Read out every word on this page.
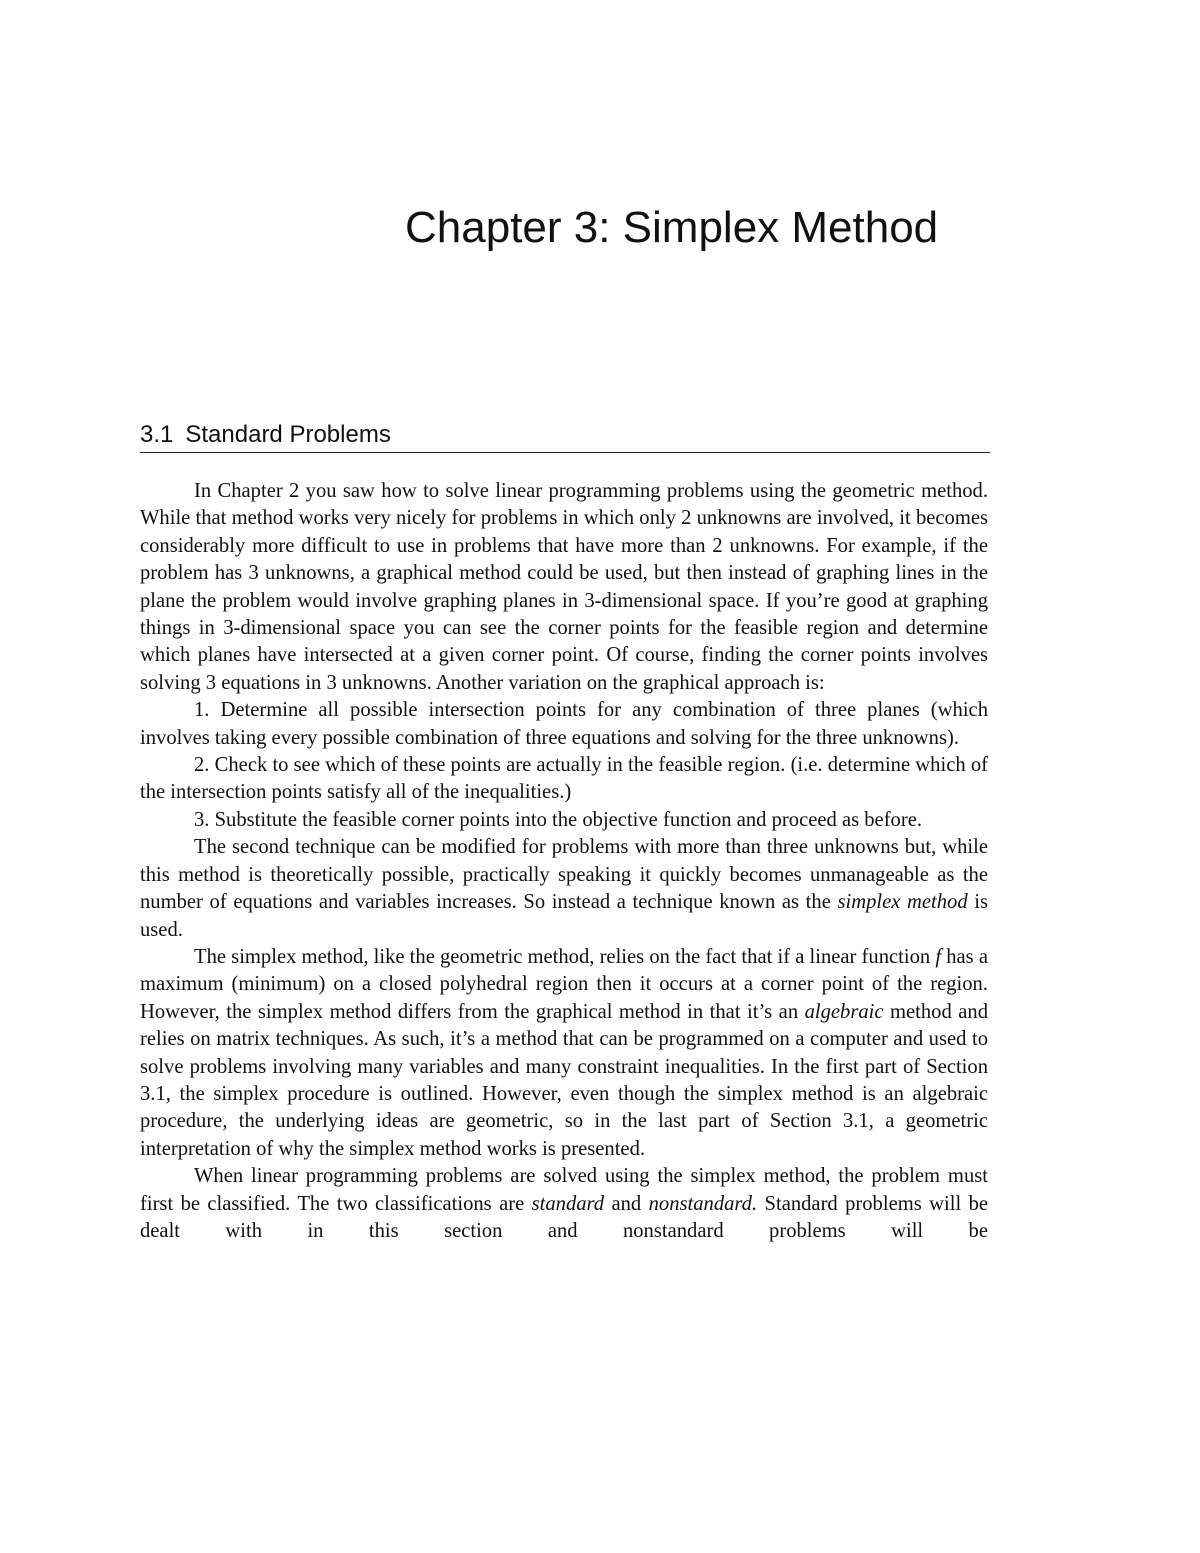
Chapter 3: Simplex Method
3.1 Standard Problems

In Chapter 2 you saw how to solve linear programming problems using the geometric method. While that method works very nicely for problems in which only 2 unknowns are involved, it becomes considerably more difficult to use in problems that have more than 2 unknowns. For example, if the problem has 3 unknowns, a graphical method could be used, but then instead of graphing lines in the plane the problem would involve graphing planes in 3-dimensional space. If you’re good at graphing things in 3-dimensional space you can see the corner points for the feasible region and determine which planes have intersected at a given corner point. Of course, finding the corner points involves solving 3 equations in 3 unknowns. Another variation on the graphical approach is:

1. Determine all possible intersection points for any combination of three planes (which involves taking every possible combination of three equations and solving for the three unknowns).

2. Check to see which of these points are actually in the feasible region. (i.e. determine which of the intersection points satisfy all of the inequalities.)

3. Substitute the feasible corner points into the objective function and proceed as before.

The second technique can be modified for problems with more than three unknowns but, while this method is theoretically possible, practically speaking it quickly becomes unmanageable as the number of equations and variables increases. So instead a technique known as the simplex method is used.

The simplex method, like the geometric method, relies on the fact that if a linear function f has a maximum (minimum) on a closed polyhedral region then it occurs at a corner point of the region. However, the simplex method differs from the graphical method in that it’s an algebraic method and relies on matrix techniques. As such, it’s a method that can be programmed on a computer and used to solve problems involving many variables and many constraint inequalities. In the first part of Section 3.1, the simplex procedure is outlined. However, even though the simplex method is an algebraic procedure, the underlying ideas are geometric, so in the last part of Section 3.1, a geometric interpretation of why the simplex method works is presented.

When linear programming problems are solved using the simplex method, the problem must first be classified. The two classifications are standard and nonstandard. Standard problems will be dealt with in this section and nonstandard problems will be
